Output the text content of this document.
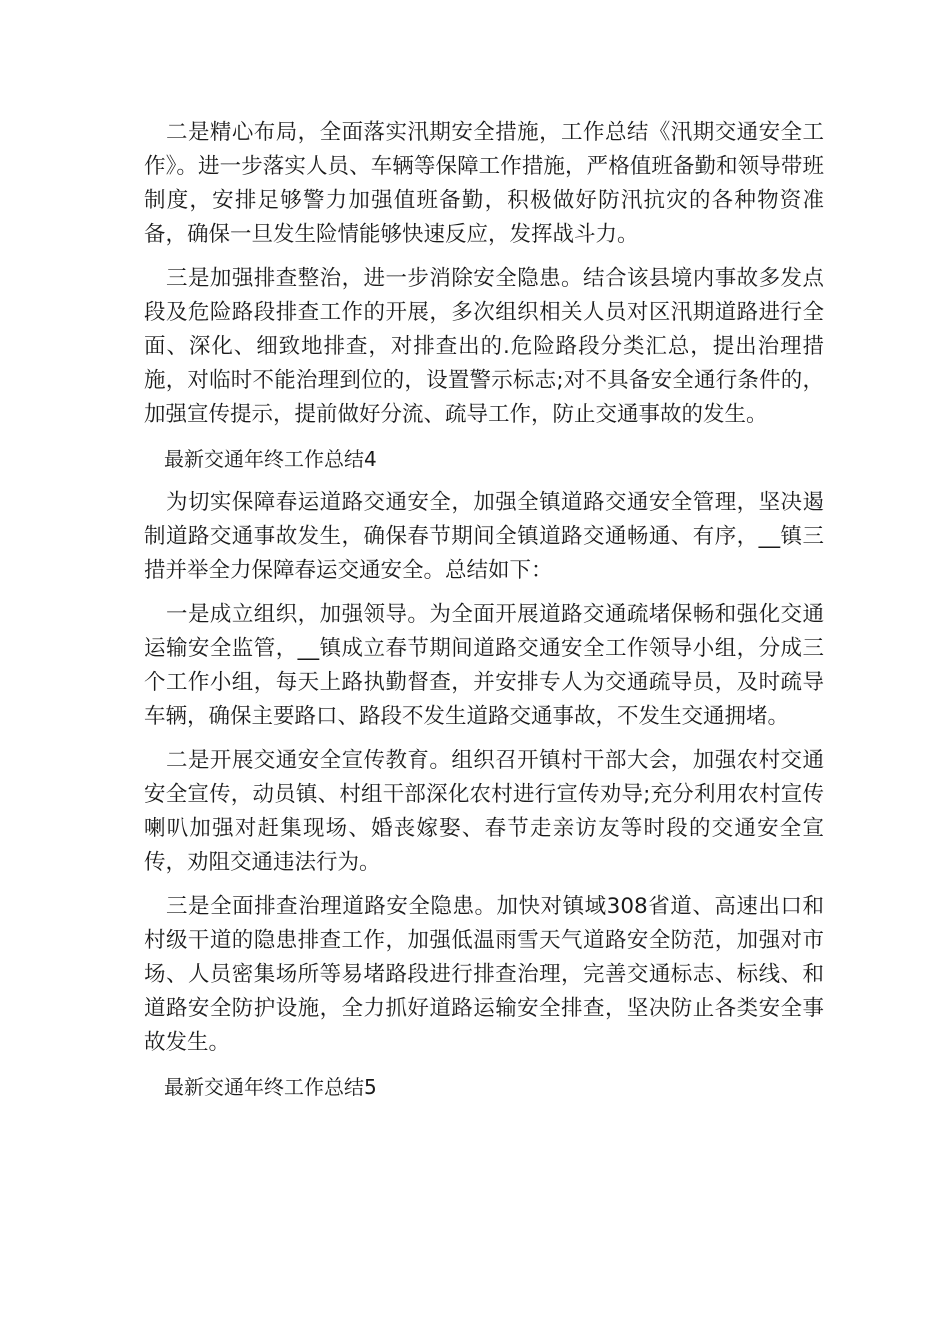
二是精心布局，全面落实汛期安全措施，工作总结《汛期交通安全工作》。进一步落实人员、车辆等保障工作措施，严格值班备勤和领导带班制度，安排足够警力加强值班备勤，积极做好防汛抗灾的各种物资准备，确保一旦发生险情能够快速反应，发挥战斗力。

三是加强排查整治，进一步消除安全隐患。结合该县境内事故多发点段及危险路段排查工作的开展，多次组织相关人员对区汛期道路进行全面、深化、细致地排查，对排查出的.危险路段分类汇总，提出治理措施，对临时不能治理到位的，设置警示标志;对不具备安全通行条件的，加强宣传提示，提前做好分流、疏导工作，防止交通事故的发生。

最新交通年终工作总结4

为切实保障春运道路交通安全，加强全镇道路交通安全管理，坚决遏制道路交通事故发生，确保春节期间全镇道路交通畅通、有序，__镇三措并举全力保障春运交通安全。总结如下：

一是成立组织，加强领导。为全面开展道路交通疏堵保畅和强化交通运输安全监管，__镇成立春节期间道路交通安全工作领导小组，分成三个工作小组，每天上路执勤督查，并安排专人为交通疏导员，及时疏导车辆，确保主要路口、路段不发生道路交通事故，不发生交通拥堵。

二是开展交通安全宣传教育。组织召开镇村干部大会，加强农村交通安全宣传，动员镇、村组干部深化农村进行宣传劝导;充分利用农村宣传喇叭加强对赶集现场、婚丧嫁娶、春节走亲访友等时段的交通安全宣传，劝阻交通违法行为。

三是全面排查治理道路安全隐患。加快对镇域308省道、高速出口和村级干道的隐患排查工作，加强低温雨雪天气道路安全防范，加强对市场、人员密集场所等易堵路段进行排查治理，完善交通标志、标线、和道路安全防护设施，全力抓好道路运输安全排查，坚决防止各类安全事故发生。

最新交通年终工作总结5
